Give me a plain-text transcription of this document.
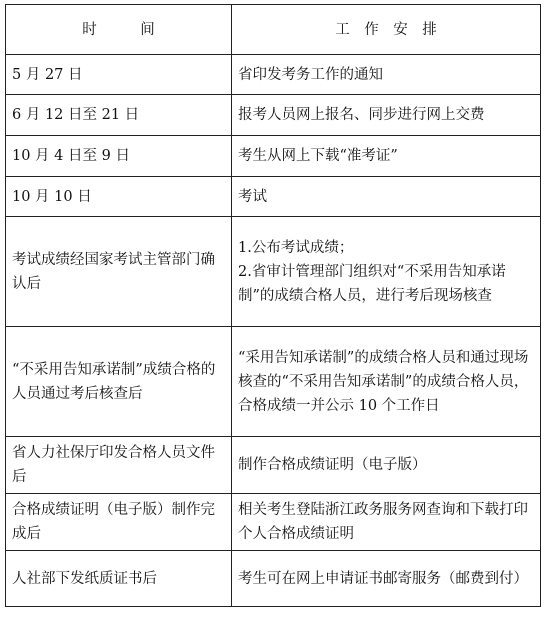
时　　　间	工　作　安　排
5 月 27 日	省印发考务工作的通知

6 月 12 日至 21 日	报考人员网上报名、同步进行网上交费

10 月 4 日至 9 日	考生从网上下载“准考证”

10 月 10 日	考试

考试成绩经国家考试主管部门确认后	1.公布考试成绩；
2.省审计管理部门组织对“不采用告知承诺制”的成绩合格人员，进行考后现场核查

“不采用告知承诺制”成绩合格的人员通过考后核查后	“采用告知承诺制”的成绩合格人员和通过现场核查的“不采用告知承诺制”的成绩合格人员，合格成绩一并公示 10 个工作日

省人力社保厅印发合格人员文件后	制作合格成绩证明（电子版）

合格成绩证明（电子版）制作完成后	相关考生登陆浙江政务服务网查询和下载打印个人合格成绩证明

人社部下发纸质证书后	考生可在网上申请证书邮寄服务（邮费到付）
